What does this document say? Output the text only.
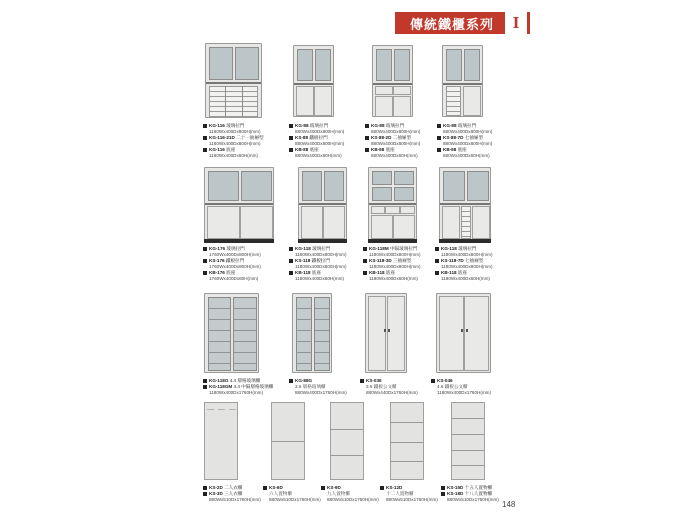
傳統鐵櫃系列	I
KG-116 玻璃拉門
1160Wx400Dx800H(mm)
KG-116-21D 二十一抽屜型
1160Wx400Dx800H(mm)
KG-116 底座
1160Wx400Dx60H(mm)
KG-88 玻璃拉門
880Wx400Dx800H(mm)
KS-88 鐵板拉門
880Wx400Dx800H(mm)
KB-88 底座
880Wx400Dx60H(mm)
KG-88 玻璃拉門
880Wx400Dx800H(mm)
KS-88-2D 二抽屜型
880Wx400Dx800H(mm)
KB-88 底座
880Wx400Dx60H(mm)
KG-88 玻璃拉門
880Wx400Dx800H(mm)
KS-88-7D 七抽屜型
880Wx400Dx800H(mm)
KB-88 底座
880Wx400Dx60H(mm)
KG-176 玻璃拉門
1760Wx400Dx800H(mm)
KS-176 鐵板拉門
1760Wx400Dx800H(mm)
KB-176 底座
1760Wx400Dx60H(mm)
KG-118 玻璃拉門
1180Wx400Dx800H(mm)
KS-118 鐵板拉門
1180Wx400Dx800H(mm)
KB-118 底座
1180Wx400Dx60H(mm)
KG-118M 中隔玻璃拉門
1180Wx400Dx800H(mm)
KS-118-3D 三抽屜型
1180Wx400Dx800H(mm)
KB-118 底座
1180Wx400Dx60H(mm)
KG-118 玻璃拉門
1180Wx400Dx800H(mm)
KS-118-7D 七抽屜型
1180Wx400Dx800H(mm)
KB-118 底座
1180Wx400Dx60H(mm)
KG-118G 4.4 層格玻璃櫃
KG-118GM 4.4 中隔層格玻璃櫃
1180Wx400Dx1760H(mm)
KG-88G
3.6 層格玻璃櫃
880Wx400Dx1760H(mm)
KS-036
3.6 鐵板公文櫃
880Wx440Dx1760H(mm)
KS-046
4.6 鐵板公文櫃
1180Wx400Dx1760H(mm)
KS-2D 二人衣櫃
KS-3D 三人衣櫃
880Wx510Dx1760H(mm)
KS-6D
六人置物櫃
880Wx510Dx1760H(mm)
KS-9D
九人置物櫃
880Wx510Dx1760H(mm)
KS-12D
十二人置物櫃
880Wx510Dx1760H(mm)
KS-15D 十五人置物櫃
KS-18D 十八人置物櫃
880Wx510Dx1760H(mm)
148
